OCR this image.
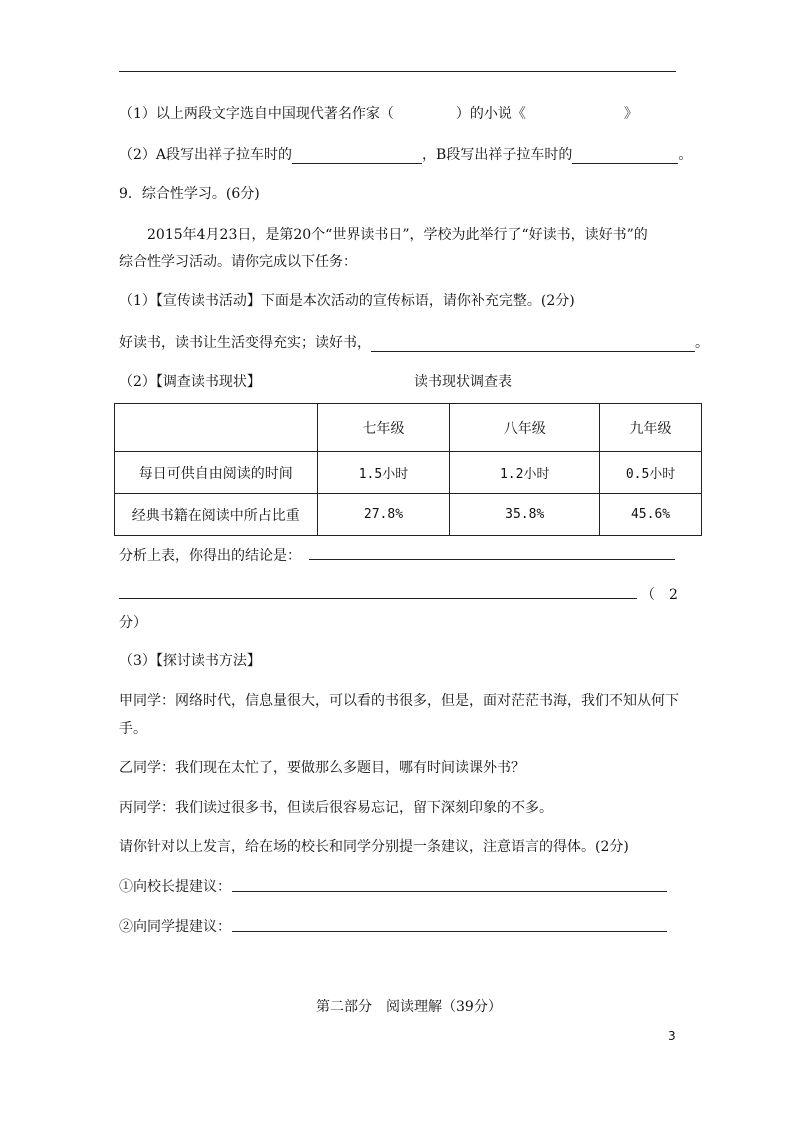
（1）以上两段文字选自中国现代著名作家（	）的小说《	》
（2）A段写出祥子拉车时的	，B段写出祥子拉车时的	。
9．综合性学习。(6分)
2015年4月23日，是第20个“世界读书日”，学校为此举行了“好读书，读好书”的
综合性学习活动。请你完成以下任务：
（1）【宣传读书活动】下面是本次活动的宣传标语，请你补充完整。(2分)
好读书，读书让生活变得充实；读好书，	。
（2）【调查读书现状】	读书现状调查表
	七年级	八年级	九年级
每日可供自由阅读的时间	1.5小时	1.2小时	0.5小时
经典书籍在阅读中所占比重	27.8%	35.8%	45.6%
分析上表，你得出的结论是：
（　2
分）
（3）【探讨读书方法】
甲同学：网络时代，信息量很大，可以看的书很多，但是，面对茫茫书海，我们不知从何下
手。
乙同学：我们现在太忙了，要做那么多题目，哪有时间读课外书？
丙同学：我们读过很多书，但读后很容易忘记，留下深刻印象的不多。
请你针对以上发言，给在场的校长和同学分别提一条建议，注意语言的得体。(2分)
①向校长提建议：
②向同学提建议：
第二部分　阅读理解（39分）
3
